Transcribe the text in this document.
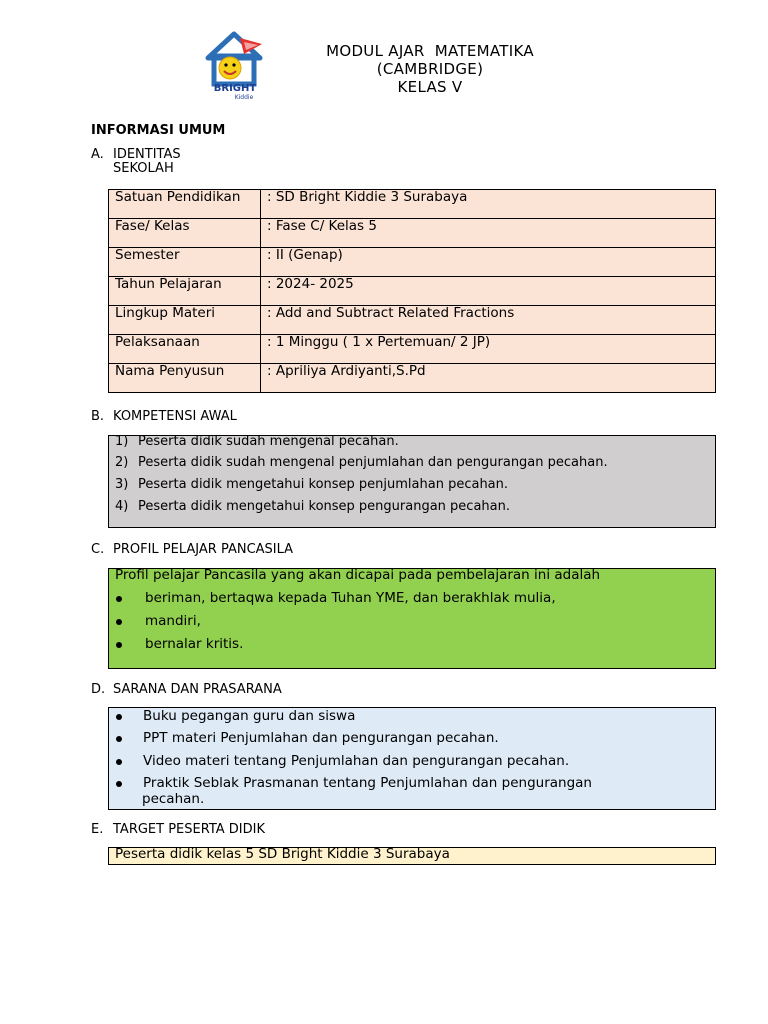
BRIGHT
Kiddie
MODUL AJAR  MATEMATIKA
(CAMBRIDGE)
KELAS V
INFORMASI UMUM
A. IDENTITAS
SEKOLAH
Satuan Pendidikan	: SD Bright Kiddie 3 Surabaya
Fase/ Kelas	: Fase C/ Kelas 5
Semester	: II (Genap)
Tahun Pelajaran	: 2024- 2025
Lingkup Materi	: Add and Subtract Related Fractions
Pelaksanaan	: 1 Minggu ( 1 x Pertemuan/ 2 JP)
Nama Penyusun	: Apriliya Ardiyanti,S.Pd
B. KOMPETENSI AWAL
1) Peserta didik sudah mengenal pecahan.
2) Peserta didik sudah mengenal penjumlahan dan pengurangan pecahan.
3) Peserta didik mengetahui konsep penjumlahan pecahan.
4) Peserta didik mengetahui konsep pengurangan pecahan.
C. PROFIL PELAJAR PANCASILA
Profil pelajar Pancasila yang akan dicapai pada pembelajaran ini adalah
beriman, bertaqwa kepada Tuhan YME, dan berakhlak mulia,
mandiri,
bernalar kritis.
D. SARANA DAN PRASARANA
Buku pegangan guru dan siswa
PPT materi Penjumlahan dan pengurangan pecahan.
Video materi tentang Penjumlahan dan pengurangan pecahan.
Praktik Seblak Prasmanan tentang Penjumlahan dan pengurangan
pecahan.
E. TARGET PESERTA DIDIK
Peserta didik kelas 5 SD Bright Kiddie 3 Surabaya
